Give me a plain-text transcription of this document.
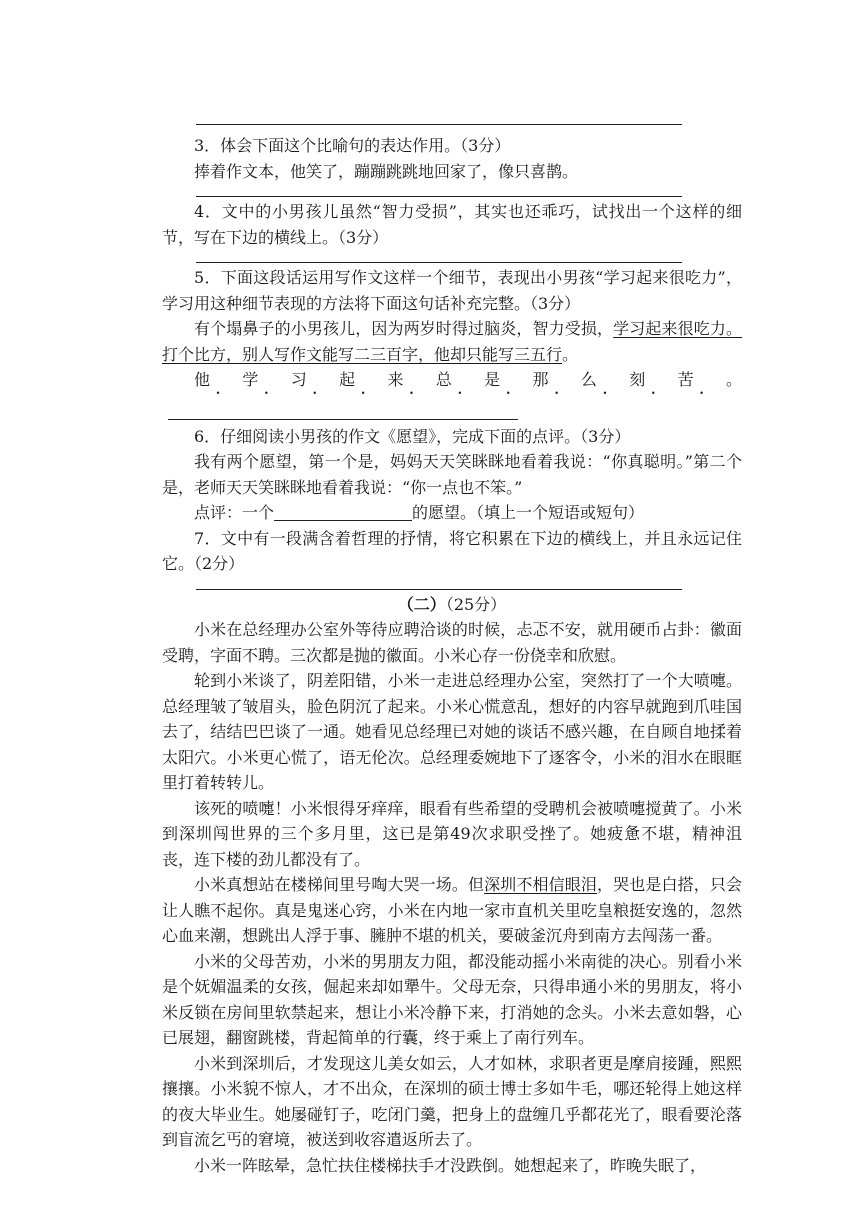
3．体会下面这个比喻句的表达作用。（3分）

捧着作文本，他笑了，蹦蹦跳跳地回家了，像只喜鹊。

4．文中的小男孩儿虽然“智力受损”，其实也还乖巧，试找出一个这样的细节，写在下边的横线上。（3分）

5．下面这段话运用写作文这样一个细节，表现出小男孩“学习起来很吃力”，学习用这种细节表现的方法将下面这句话补充完整。（3分）

有个塌鼻子的小男孩儿，因为两岁时得过脑炎，智力受损，学习起来很吃力。打个比方，别人写作文能写二三百字，他却只能写三五行。

他学习起来总是那么刻苦。

6．仔细阅读小男孩的作文《愿望》，完成下面的点评。（3分）

我有两个愿望，第一个是，妈妈天天笑眯眯地看着我说：“你真聪明。”第二个是，老师天天笑眯眯地看着我说：“你一点也不笨。”

点评：一个	的愿望。（填上一个短语或短句）

7．文中有一段满含着哲理的抒情，将它积累在下边的横线上，并且永远记住它。（2分）

（二）（25分）

小米在总经理办公室外等待应聘洽谈的时候，忐忑不安，就用硬币占卦：徽面受聘，字面不聘。三次都是抛的徽面。小米心存一份侥幸和欣慰。

轮到小米谈了，阴差阳错，小米一走进总经理办公室，突然打了一个大喷嚏。总经理皱了皱眉头，脸色阴沉了起来。小米心慌意乱，想好的内容早就跑到爪哇国去了，结结巴巴谈了一通。她看见总经理已对她的谈话不感兴趣，在自顾自地揉着太阳穴。小米更心慌了，语无伦次。总经理委婉地下了逐客令，小米的泪水在眼眶里打着转转儿。

该死的喷嚏！小米恨得牙痒痒，眼看有些希望的受聘机会被喷嚏搅黄了。小米到深圳闯世界的三个多月里，这已是第49次求职受挫了。她疲惫不堪，精神沮丧，连下楼的劲儿都没有了。

小米真想站在楼梯间里号啕大哭一场。但深圳不相信眼泪，哭也是白搭，只会让人瞧不起你。真是鬼迷心窍，小米在内地一家市直机关里吃皇粮挺安逸的，忽然心血来潮，想跳出人浮于事、臃肿不堪的机关，要破釜沉舟到南方去闯荡一番。

小米的父母苦劝，小米的男朋友力阻，都没能动摇小米南徙的决心。别看小米是个妩媚温柔的女孩，倔起来却如犟牛。父母无奈，只得串通小米的男朋友，将小米反锁在房间里软禁起来，想让小米冷静下来，打消她的念头。小米去意如磐，心已展翅，翻窗跳楼，背起简单的行囊，终于乘上了南行列车。

小米到深圳后，才发现这儿美女如云，人才如林，求职者更是摩肩接踵，熙熙攘攘。小米貌不惊人，才不出众，在深圳的硕士博士多如牛毛，哪还轮得上她这样的夜大毕业生。她屡碰钉子，吃闭门羹，把身上的盘缠几乎都花光了，眼看要沦落到盲流乞丐的窘境，被送到收容遣返所去了。

小米一阵眩晕，急忙扶住楼梯扶手才没跌倒。她想起来了，昨晚失眠了，
